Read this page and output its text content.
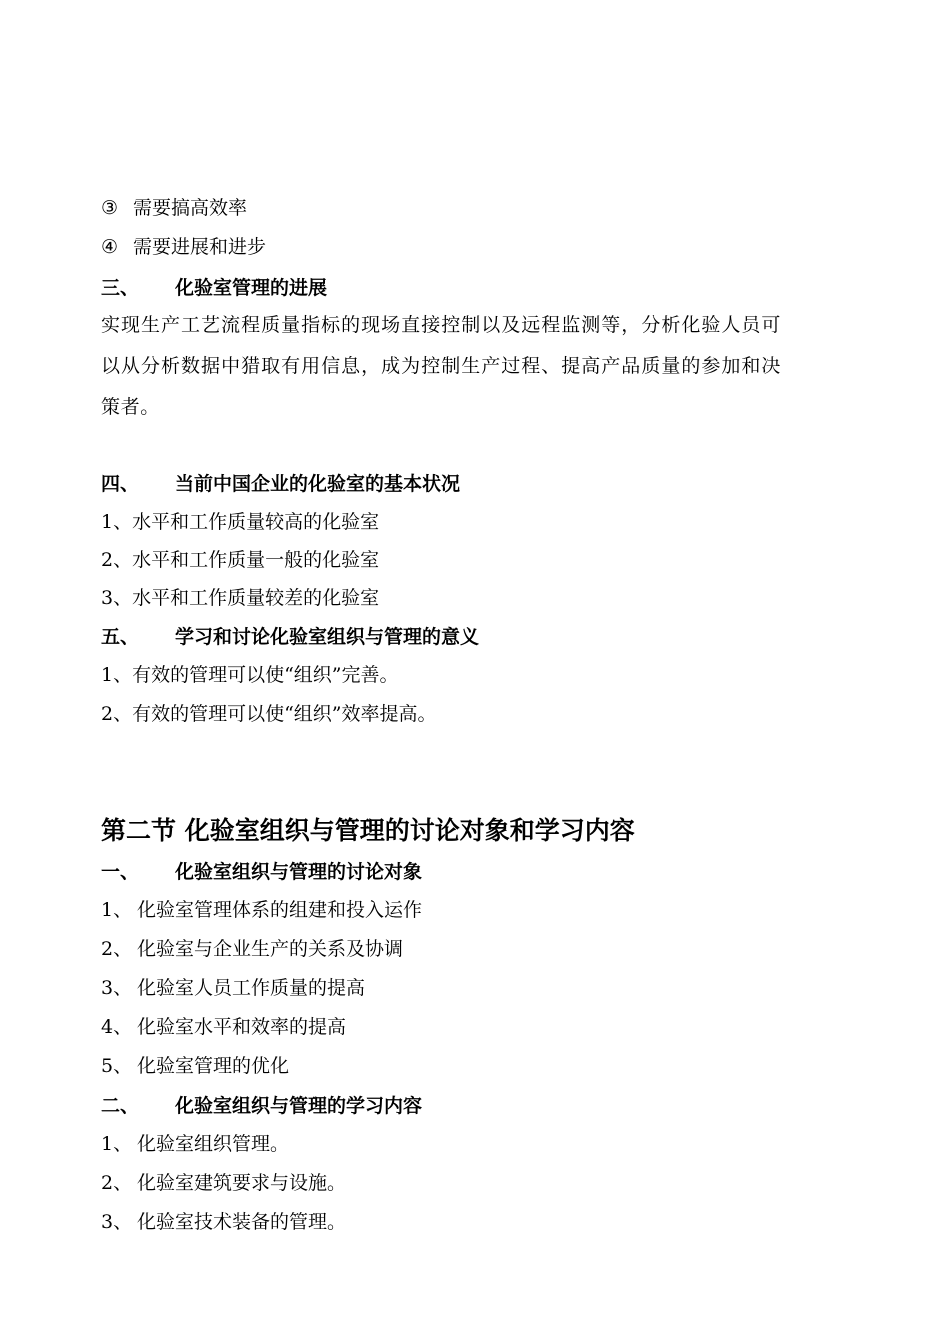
③ 需要搞高效率
④ 需要进展和进步
三、 化验室管理的进展
实现生产工艺流程质量指标的现场直接控制以及远程监测等，分析化验人员可以从分析数据中猎取有用信息，成为控制生产过程、提高产品质量的参加和决策者。
四、 当前中国企业的化验室的基本状况
1、水平和工作质量较高的化验室
2、水平和工作质量一般的化验室
3、水平和工作质量较差的化验室
五、 学习和讨论化验室组织与管理的意义
1、有效的管理可以使“组织”完善。
2、有效的管理可以使“组织”效率提高。
第二节 化验室组织与管理的讨论对象和学习内容
一、 化验室组织与管理的讨论对象
1、 化验室管理体系的组建和投入运作
2、 化验室与企业生产的关系及协调
3、 化验室人员工作质量的提高
4、 化验室水平和效率的提高
5、 化验室管理的优化
二、 化验室组织与管理的学习内容
1、 化验室组织管理。
2、 化验室建筑要求与设施。
3、 化验室技术装备的管理。
